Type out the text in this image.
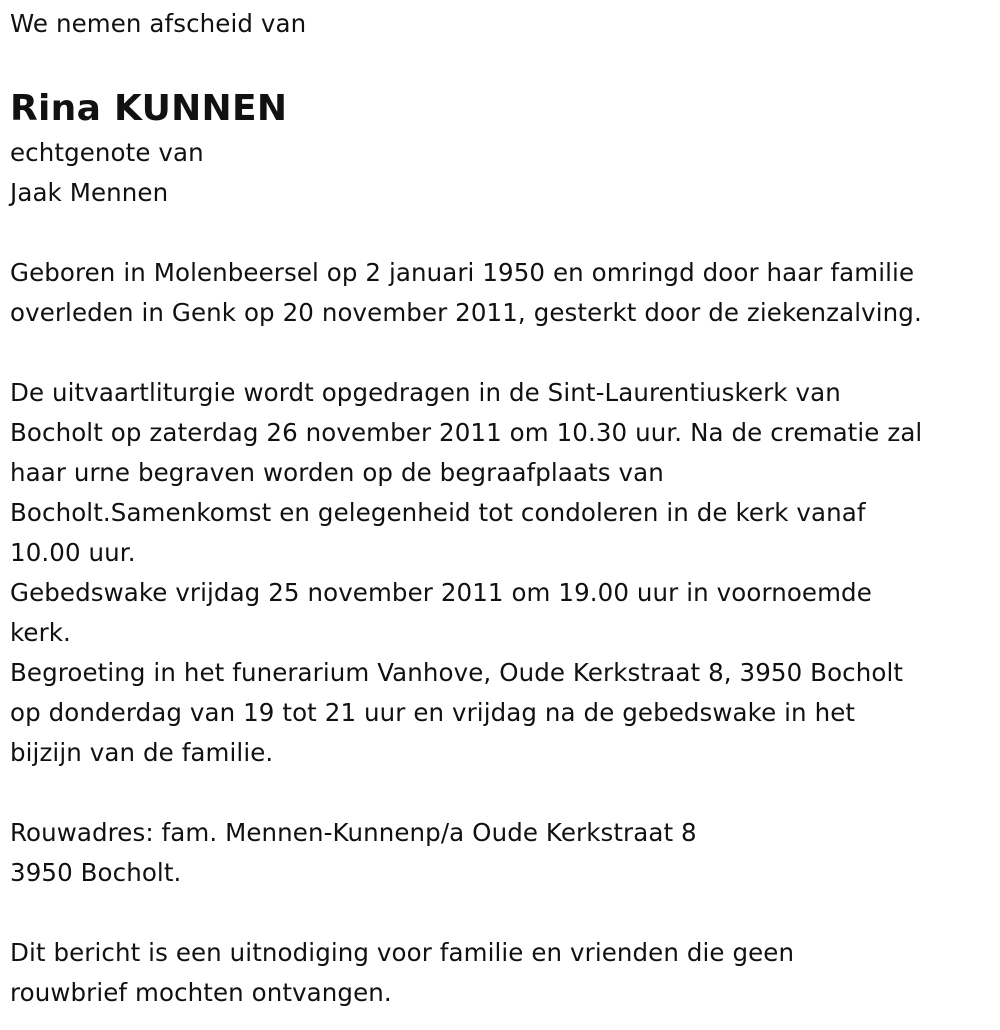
We nemen afscheid van
Rina KUNNEN
echtgenote van
Jaak Mennen
Geboren in Molenbeersel op 2 januari 1950 en omringd door haar familie
overleden in Genk op 20 november 2011, gesterkt door de ziekenzalving.
De uitvaartliturgie wordt opgedragen in de Sint-Laurentiuskerk van
Bocholt op zaterdag 26 november 2011 om 10.30 uur. Na de crematie zal
haar urne begraven worden op de begraafplaats van
Bocholt.Samenkomst en gelegenheid tot condoleren in de kerk vanaf
10.00 uur.
Gebedswake vrijdag 25 november 2011 om 19.00 uur in voornoemde
kerk.
Begroeting in het funerarium Vanhove, Oude Kerkstraat 8, 3950 Bocholt
op donderdag van 19 tot 21 uur en vrijdag na de gebedswake in het
bijzijn van de familie.
Rouwadres: fam. Mennen-Kunnenp/a Oude Kerkstraat 8
3950 Bocholt.
Dit bericht is een uitnodiging voor familie en vrienden die geen
rouwbrief mochten ontvangen.
